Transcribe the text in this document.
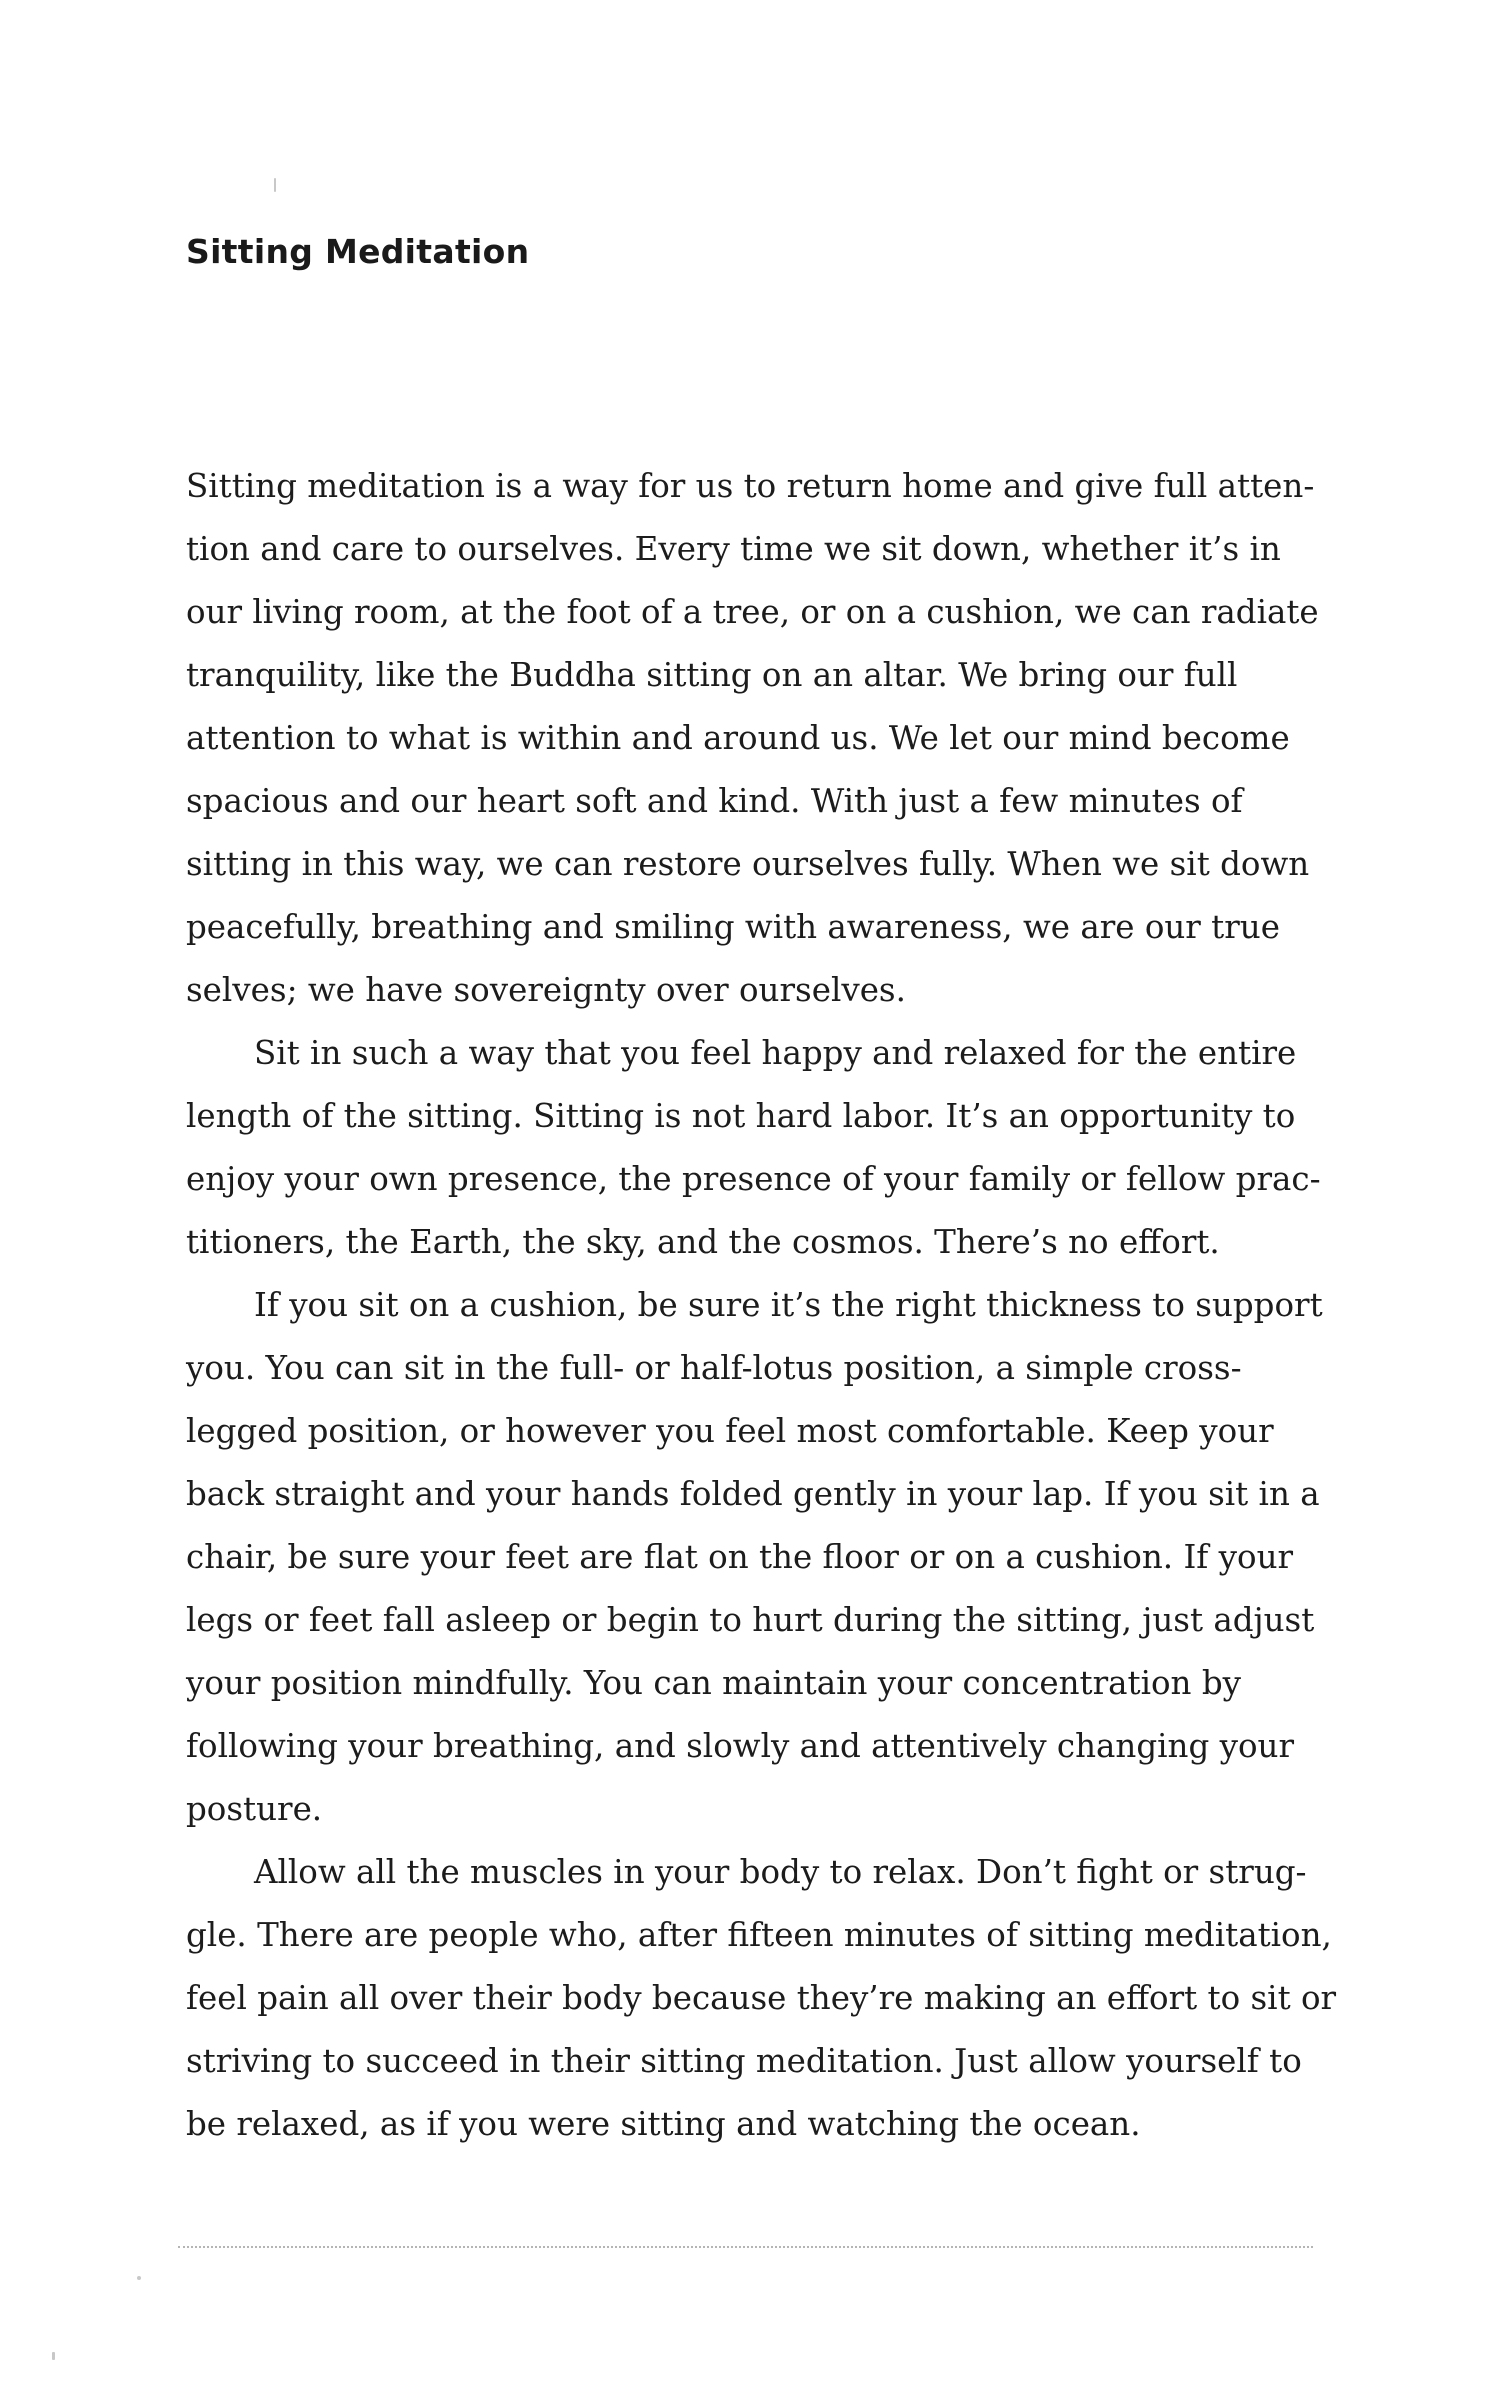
Sitting Meditation
Sitting meditation is a way for us to return home and give full atten-
tion and care to ourselves. Every time we sit down, whether it’s in
our living room, at the foot of a tree, or on a cushion, we can radiate
tranquility, like the Buddha sitting on an altar. We bring our full
attention to what is within and around us. We let our mind become
spacious and our heart soft and kind. With just a few minutes of
sitting in this way, we can restore ourselves fully. When we sit down
peacefully, breathing and smiling with awareness, we are our true
selves; we have sovereignty over ourselves.
Sit in such a way that you feel happy and relaxed for the entire
length of the sitting. Sitting is not hard labor. It’s an opportunity to
enjoy your own presence, the presence of your family or fellow prac-
titioners, the Earth, the sky, and the cosmos. There’s no effort.
If you sit on a cushion, be sure it’s the right thickness to support
you. You can sit in the full- or half-lotus position, a simple cross-
legged position, or however you feel most comfortable. Keep your
back straight and your hands folded gently in your lap. If you sit in a
chair, be sure your feet are flat on the floor or on a cushion. If your
legs or feet fall asleep or begin to hurt during the sitting, just adjust
your position mindfully. You can maintain your concentration by
following your breathing, and slowly and attentively changing your
posture.
Allow all the muscles in your body to relax. Don’t fight or strug-
gle. There are people who, after fifteen minutes of sitting meditation,
feel pain all over their body because they’re making an effort to sit or
striving to succeed in their sitting meditation. Just allow yourself to
be relaxed, as if you were sitting and watching the ocean.
